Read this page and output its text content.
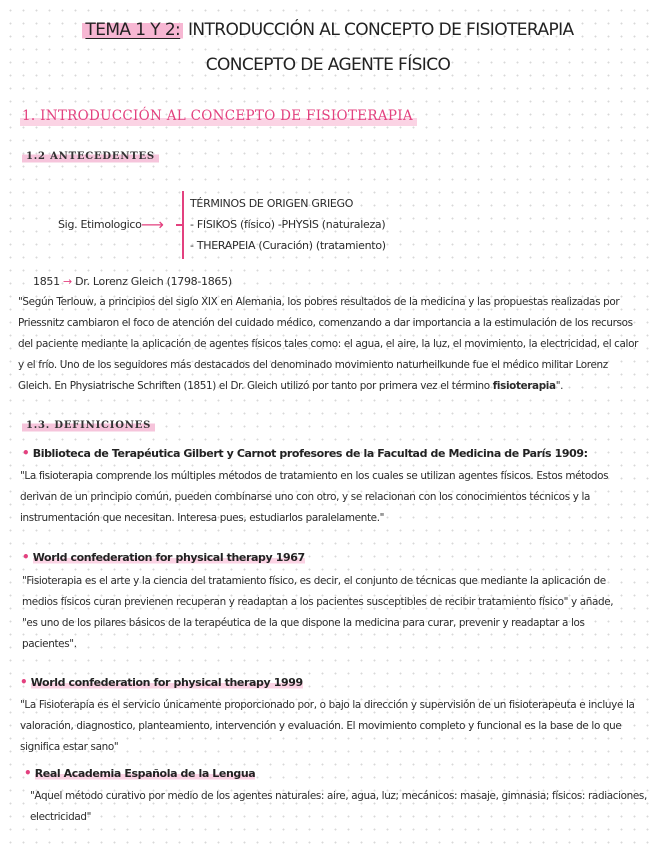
TEMA 1 Y 2: INTRODUCCIÓN AL CONCEPTO DE FISIOTERAPIA
CONCEPTO DE AGENTE FÍSICO
1. INTRODUCCIÓN AL CONCEPTO DE FISIOTERAPIA
1.2 ANTECEDENTES
Sig. Etimologico ⟶
TÉRMINOS DE ORIGEN GRIEGO
- FISIKOS (físico) -PHYSIS (naturaleza)
- THERAPEIA (Curación) (tratamiento)
1851 → Dr. Lorenz Gleich (1798-1865)
"Según Terlouw, a principios del siglo XIX en Alemania, los pobres resultados de la medicina y las propuestas realizadas por
Priessnitz cambiaron el foco de atención del cuidado médico, comenzando a dar importancia a la estimulación de los recursos
del paciente mediante la aplicación de agentes físicos tales como: el agua, el aire, la luz, el movimiento, la electricidad, el calor
y el frío. Uno de los seguidores más destacados del denominado movimiento naturheilkunde fue el médico militar Lorenz
Gleich. En Physiatrische Schriften (1851) el Dr. Gleich utilizó por tanto por primera vez el término fisioterapia".
1.3. DEFINICIONES
• Biblioteca de Terapéutica Gilbert y Carnot profesores de la Facultad de Medicina de París 1909:
"La fisioterapia comprende los múltiples métodos de tratamiento en los cuales se utilizan agentes físicos. Estos métodos
derivan de un principio común, pueden combinarse uno con otro, y se relacionan con los conocimientos técnicos y la
instrumentación que necesitan. Interesa pues, estudiarlos paralelamente."
• World confederation for physical therapy 1967
"Fisioterapia es el arte y la ciencia del tratamiento físico, es decir, el conjunto de técnicas que mediante la aplicación de
medios físicos curan previenen recuperan y readaptan a los pacientes susceptibles de recibir tratamiento físico" y añade,
"es uno de los pilares básicos de la terapéutica de la que dispone la medicina para curar, prevenir y readaptar a los
pacientes".
• World confederation for physical therapy 1999
"La Fisioterapia es el servicio únicamente proporcionado por, o bajo la dirección y supervisión de un fisioterapeuta e incluye la
valoración, diagnostico, planteamiento, intervención y evaluación. El movimiento completo y funcional es la base de lo que
significa estar sano"
• Real Academia Española de la Lengua
"Aquel método curativo por medio de los agentes naturales: aire, agua, luz; mecánicos: masaje, gimnasia; físicos: radiaciones,
electricidad"
